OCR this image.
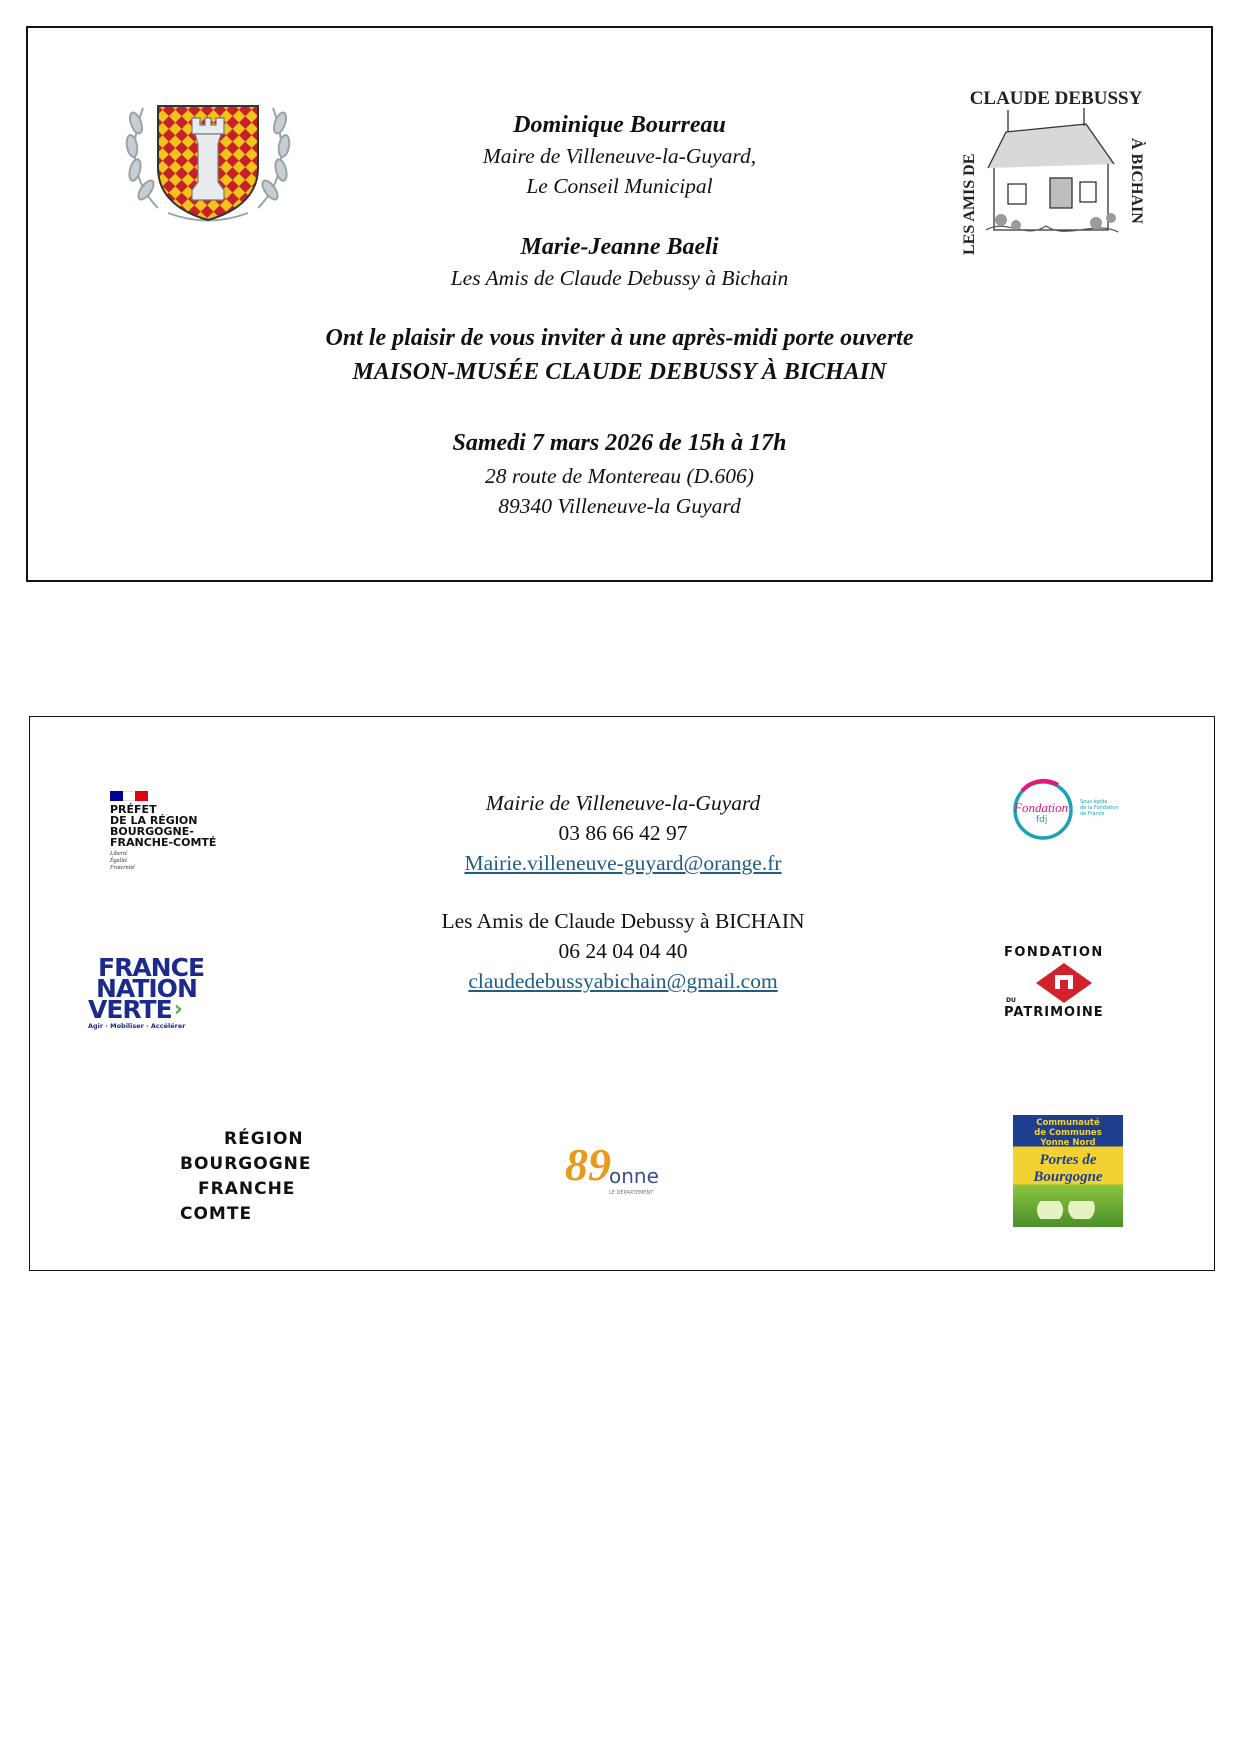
CLAUDE DEBUSSY
LES AMIS DE	À BICHAIN
Dominique Bourreau
Maire de Villeneuve-la-Guyard,
Le Conseil Municipal
Marie-Jeanne Baeli
Les Amis de Claude Debussy à Bichain
Ont le plaisir de vous inviter à une après-midi porte ouverte
MAISON-MUSÉE CLAUDE DEBUSSY À BICHAIN
Samedi 7 mars 2026 de 15h à 17h
28 route de Montereau (D.606)
89340 Villeneuve-la Guyard
PRÉFET
DE LA RÉGION
BOURGOGNE-
FRANCHE-COMTÉ
Liberté
Égalité
Fraternité
FRANCE
NATION
VERTE ›
Agir · Mobiliser · Accélérer
RÉGION
BOURGOGNE
FRANCHE
COMTE
89
onne
LE DÉPARTEMENT
Fondation
fdj
Sous égide
de la Fondation
de France
FONDATION
DU
PATRIMOINE
Communauté
de Communes
Yonne Nord
Portes de
Bourgogne
Mairie de Villeneuve-la-Guyard
03 86 66 42 97
Mairie.villeneuve-guyard@orange.fr
Les Amis de Claude Debussy à BICHAIN
06 24 04 04 40
claudedebussyabichain@gmail.com
